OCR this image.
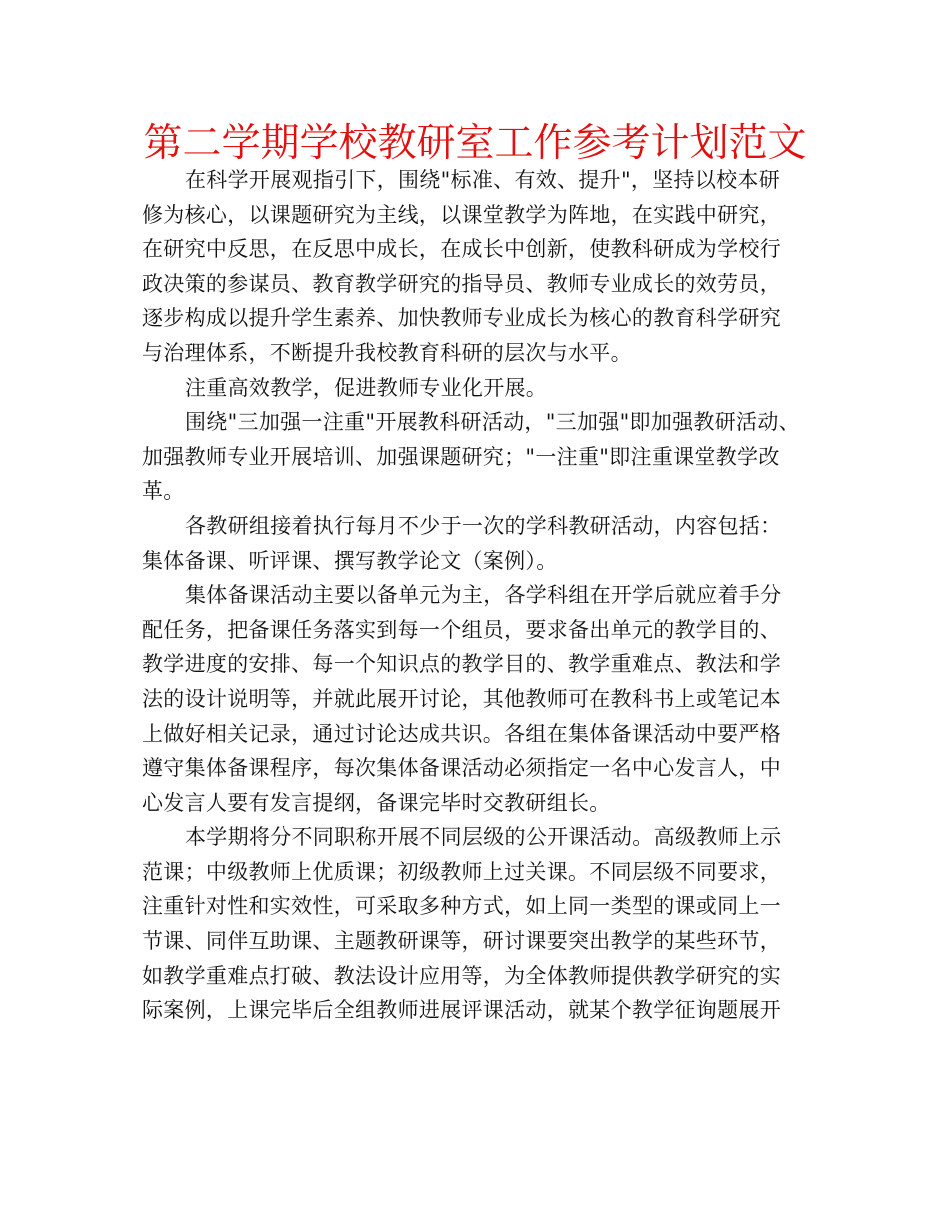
第二学期学校教研室工作参考计划范文
在科学开展观指引下，围绕"标准、有效、提升"，坚持以校本研
修为核心，以课题研究为主线，以课堂教学为阵地，在实践中研究，
在研究中反思，在反思中成长，在成长中创新，使教科研成为学校行
政决策的参谋员、教育教学研究的指导员、教师专业成长的效劳员，
逐步构成以提升学生素养、加快教师专业成长为核心的教育科学研究
与治理体系，不断提升我校教育科研的层次与水平。
注重高效教学，促进教师专业化开展。
围绕"三加强一注重"开展教科研活动，"三加强"即加强教研活动、
加强教师专业开展培训、加强课题研究；"一注重"即注重课堂教学改
革。
各教研组接着执行每月不少于一次的学科教研活动，内容包括：
集体备课、听评课、撰写教学论文（案例）。
集体备课活动主要以备单元为主，各学科组在开学后就应着手分
配任务，把备课任务落实到每一个组员，要求备出单元的教学目的、
教学进度的安排、每一个知识点的教学目的、教学重难点、教法和学
法的设计说明等，并就此展开讨论，其他教师可在教科书上或笔记本
上做好相关记录，通过讨论达成共识。各组在集体备课活动中要严格
遵守集体备课程序，每次集体备课活动必须指定一名中心发言人，中
心发言人要有发言提纲，备课完毕时交教研组长。
本学期将分不同职称开展不同层级的公开课活动。高级教师上示
范课；中级教师上优质课；初级教师上过关课。不同层级不同要求，
注重针对性和实效性，可采取多种方式，如上同一类型的课或同上一
节课、同伴互助课、主题教研课等，研讨课要突出教学的某些环节，
如教学重难点打破、教法设计应用等，为全体教师提供教学研究的实
际案例，上课完毕后全组教师进展评课活动，就某个教学征询题展开
